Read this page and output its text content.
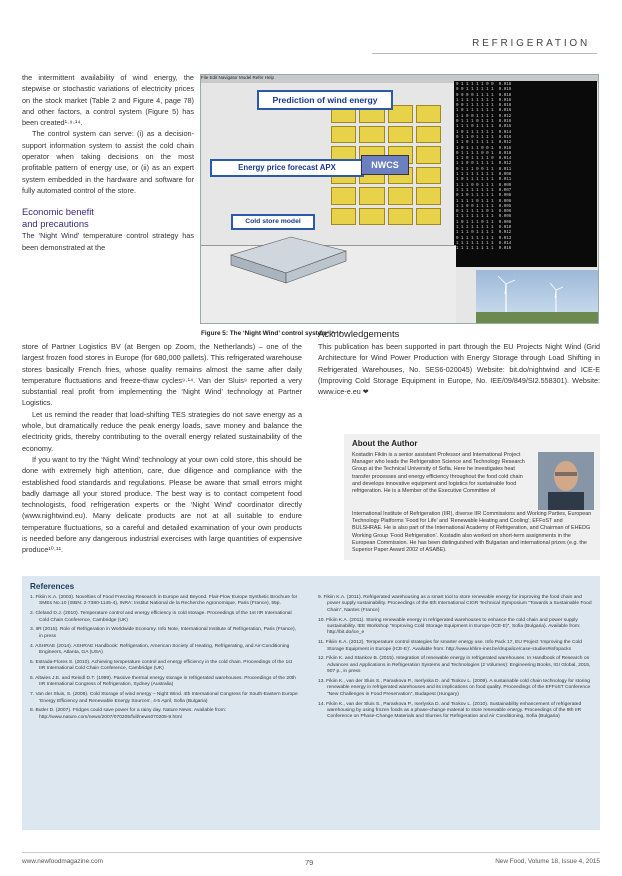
REFRIGERATION

the intermittent availability of wind energy, the stepwise or stochastic variations of electricity prices on the stock market (Table 2 and Figure 4, page 78) and other factors, a control system (Figure 5) has been created¹·⁹·¹⁴.

The control system can serve: (i) as a decision-support information system to assist the cold chain operator when taking decisions on the most profitable pattern of energy use, or (ii) as an expert system embedded in the hardware and software for fully automated control of the store.

Economic benefit
and precautions

The ‘Night Wind’ temperature control strategy has been demonstrated at the

File Edit Navigator Model Refer Help
Prediction of wind energy
Energy price forecast APX	NWCS
0 1 1 1 1 1 0 0  0.018
0 0 1 1 1 1 1 1  0.019
0 0 0 0 1 1 1 1  0.018
1 1 1 1 1 1 1 1  0.016
0 0 1 1 1 1 1 1  0.018
1 0 1 1 1 1 1 1  0.016
1 1 0 0 1 1 1 1  0.012
0 1 1 1 0 1 1 1  0.016
1 1 1 0 1 1 1 1  0.015
1 0 1 1 1 1 1 1  0.014
0 1 1 0 1 1 1 1  0.016
1 1 0 1 1 1 1 1  0.012
1 0 1 1 1 0 0 1  0.016
0 1 1 1 1 0 0 1  0.018
1 1 0 1 1 1 1 0  0.014
1 1 0 0 1 1 1 1  0.012
0 1 1 1 0 0 1 1  0.011
1 1 1 1 1 1 1 1  0.008
1 0 1 1 1 1 1 1  0.011
1 1 1 0 0 1 1 1  0.009
1 1 1 1 1 1 1 1  0.007
0 1 0 1 1 1 1 1  0.008
1 1 1 1 0 1 1 1  0.006
1 1 0 0 1 1 1 1  0.005
0 1 1 1 1 1 0 1  0.006
1 1 1 1 1 1 1 1  0.006
1 0 1 1 1 0 1 1  0.008
1 1 1 1 1 1 1 1  0.010
1 1 1 0 1 1 1 1  0.012
0 1 1 1 1 1 1 1  0.013
1 1 1 1 1 1 1 1  0.014
1 1 1 1 1 1 1 1  0.016
Cold store model
Figure 5: The ‘Night Wind’ control system¹·⁹·¹⁴

store of Partner Logistics BV (at Bergen op Zoom, the Netherlands) – one of the largest frozen food stores in Europe (for 680,000 pallets). This refrigerated warehouse stores basically French fries, whose quality remains almost the same after daily temperature fluctuations and freeze-thaw cycles⁹·¹⁴. Van der Sluis⁹ reported a very substantial real profit from implementing the ‘Night Wind’ technology at Partner Logistics.

Let us remind the reader that load-shifting TES strategies do not save energy as a whole, but dramatically reduce the peak energy loads, save money and balance the electricity grids, thereby contributing to the overall energy related sustainability of the economy.

If you want to try the ‘Night Wind’ technology at your own cold store, this should be done with extremely high attention, care, due diligence and compliance with the established food standards and regulations. Please be aware that small errors might badly damage all your stored produce. The best way is to contact competent food technologists, food refrigeration experts or the ‘Night Wind’ coordinator directly (www.nightwind.eu). Many delicate products are not at all suitable to endure temperature fluctuations, so a careful and detailed examination of your own products is needed before any dangerous industrial exercises with large quantities of expensive produce¹⁰·¹¹.

Acknowledgements
This publication has been supported in part through the EU Projects Night Wind (Grid Architecture for Wind Power Production with Energy Storage through Load Shifting in Refrigerated Warehouses, No. SES6-020045) Website: bit.do/nightwind and ICE-E (Improving Cold Storage Equipment in Europe, No. IEE/09/849/SI2.558301). Website: www.ice-e.eu ❤
About the Author
Kostadin Fikiin is a senior assistant Professor and International Project Manager who leads the Refrigeration Science and Technology Research Group at the Technical University of Sofia. Here he investigates heat transfer processes and energy efficiency throughout the food cold chain and develops innovative equipment and logistics for sustainable food refrigeration. He is a Member of the Executive Committee of
International Institute of Refrigeration (IIR), diverse IIR Commissions and Working Parties, European Technology Platforms ‘Food for Life’ and ‘Renewable Heating and Cooling’; EFFoST and BULSHRAE. He is also part of the International Academy of Refrigeration, and Chairman of EHEDG Working Group ‘Food Refrigeration’. Kostadin also worked on short-term assignments in the European Commission. He has been distinguished with Bulgarian and international prizes (e.g. the Superior Paper Award 2002 of ASABE).
References
1. Fikiin K.A. (2003). Novelties of Food Freezing Research in Europe and Beyond. Flair-Flow Europe Synthetic Brochure for SMEs No.10 (ISBN: 2-7380-1145-4), INRA: Institut National de la Recherche Agronomique, Paris (France), 55p.
2. Cleland D.J. (2010). Temperature control and energy efficiency in cold storage. Proceedings of the 1st IIR International Cold Chain Conference, Cambridge (UK)
3. IIR (2015). Role of Refrigeration in Worldwide Economy. Info Note, International Institute of Refrigeration, Paris (France), in press
4. ASHRAE (2014). ASHRAE Handbook: Refrigeration, American Society of Heating, Refrigerating, and Air-Conditioning Engineers, Atlanta, GA (USA)
5. Estrada-Flores S. (2010). Achieving temperature control and energy efficiency in the cold chain. Proceedings of the 1st IIR International Cold Chain Conference, Cambridge (UK)
6. Altwies J.E. and Reindl D.T. (1999). Passive thermal energy storage in refrigerated warehouses. Proceedings of the 20th IIR International Congress of Refrigeration, Sydney (Australia)
7. Van der Sluis, S. (2008). Cold Storage of wind energy – Night Wind. 4th International Congress for South-Eastern Europe ‘Energy Efficiency and Renewable Energy Sources’, 4-5 April, Sofia (Bulgaria)
8. Butler D. (2007). Fridges could save power for a rainy day. Nature News. Available from: http://www.nature.com/news/2007/070205/full/news070205-9.html
9. Fikiin K.A. (2011). Refrigerated warehousing as a smart tool to store renewable energy for improving the food chain and power supply sustainability. Proceedings of the 6th International CIGR Technical Symposium “Towards a Sustainable Food Chain”, Nantes (France)
10. Fikiin K.A. (2011). Storing renewable energy in refrigerated warehouses to enhance the cold chain and power supply sustainability. IEE Workshop “Improving Cold Storage Equipment in Europe (ICE-E)”, Sofia (Bulgaria). Available from: http://bit.do/ice_e
11. Fikiin K.A. (2012). Temperature control strategies for smarter energy use. Info Pack 17, EU Project ‘Improving the Cold Storage Equipment in Europe (ICE-E)’. Available from: http://www.khlim-inet.be/drupalice/case-studies#infopacks
12. Fikiin K. and Stankov B. (2015). Integration of renewable energy in refrigerated warehouses. In Handbook of Research on Advances and Applications in Refrigeration Systems and Technologies (2 Volumes): Engineering Books, IGI Global, 2015, 907 p., in press
13. Fikiin K., van der Sluis S., Paraskova P., Iserlyska D. and Tsokov L. (2009). A sustainable cold chain technology for storing renewable energy in refrigerated warehouses and its implications on food quality. Proceedings of the EFFoST Conference “New Challenges in Food Preservation”, Budapest (Hungary)
14. Fikiin K., van der Sluis S., Paraskova P., Iserlyska D. and Tsokov L. (2010). Sustainability enhancement of refrigerated warehousing by using frozen foods as a phase-change material to store renewable energy. Proceedings of the 9th IIR Conference on Phase-Change Materials and Slurries for Refrigeration and Air Conditioning, Sofia (Bulgaria)
www.newfoodmagazine.com	79	New Food, Volume 18, Issue 4, 2015
